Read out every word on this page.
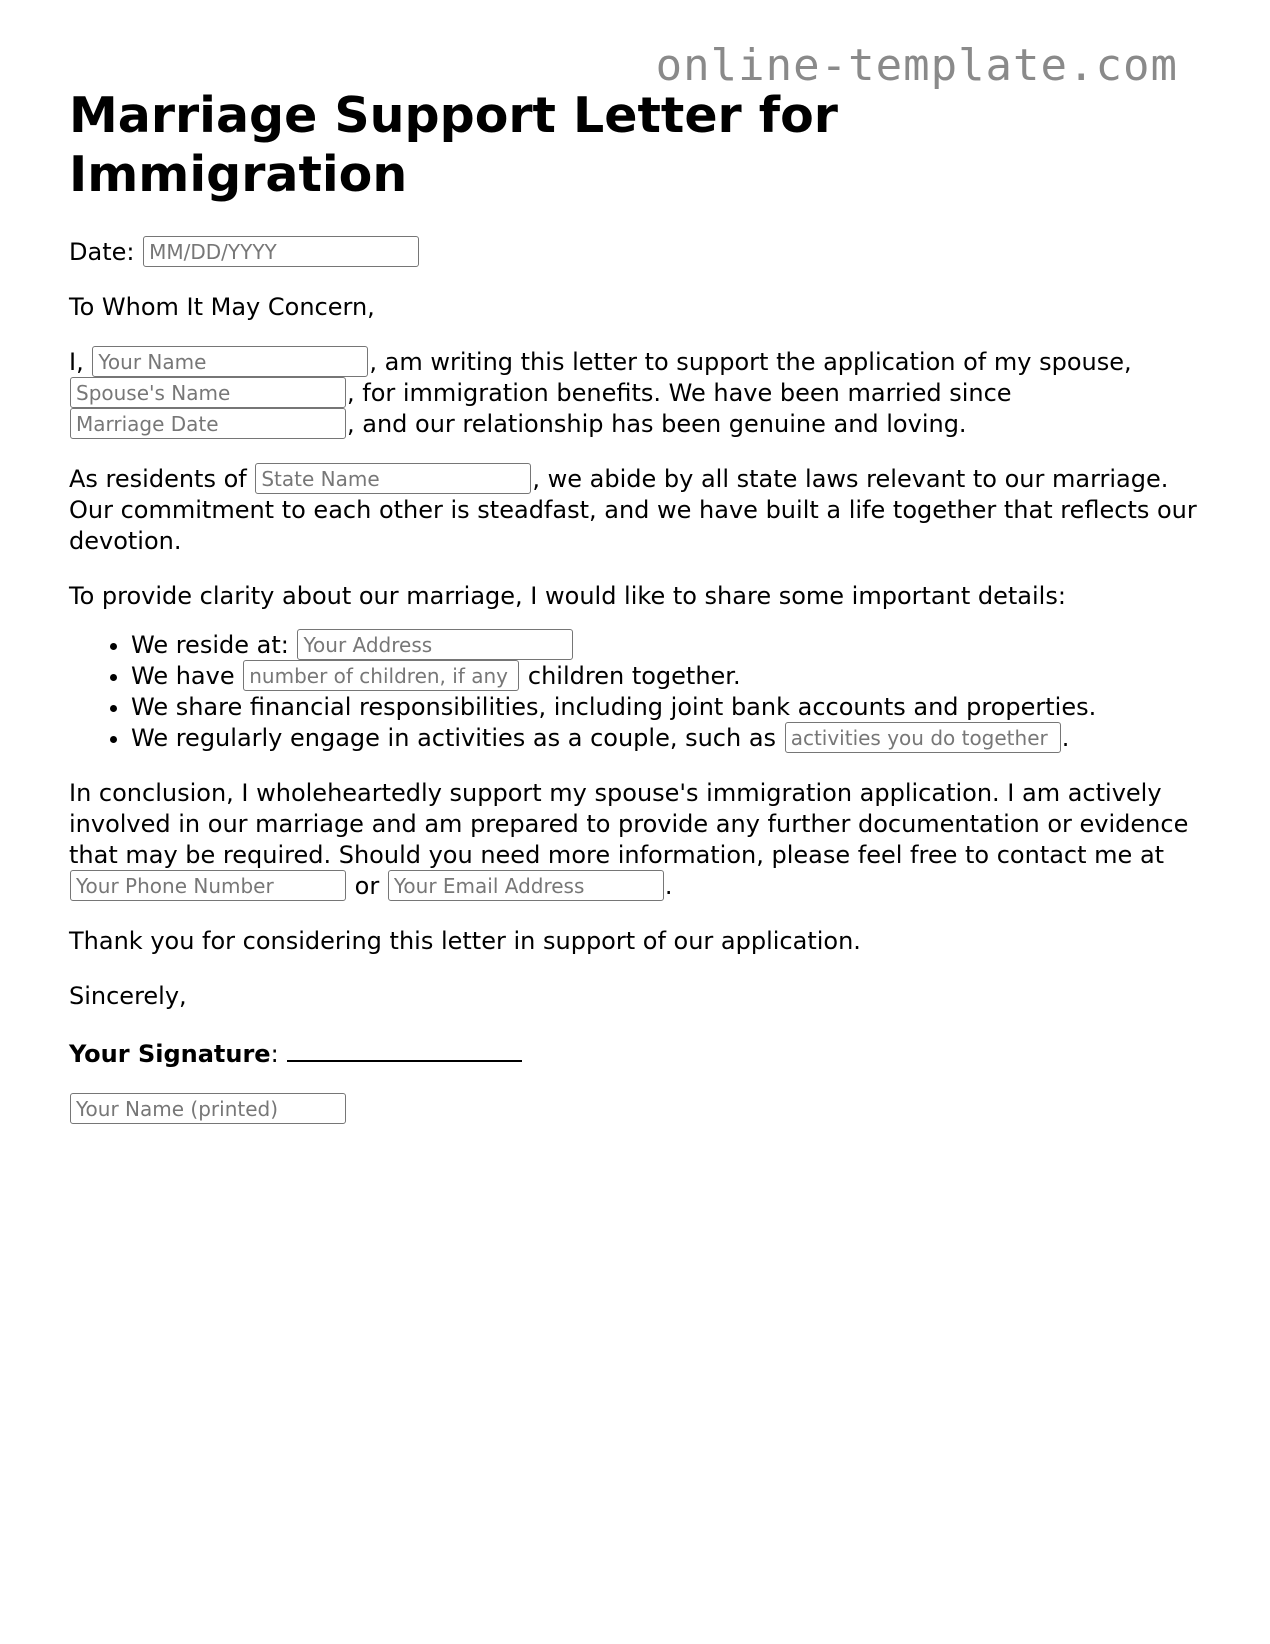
online-template.com
Marriage Support Letter for Immigration

Date: MM/DD/YYYY

To Whom It May Concern,

I, Your Name	, am writing this letter to support the application of my spouse, Spouse's Name, for immigration benefits. We have been married since Marriage Date, and our relationship has been genuine and loving.

As residents of State Name	, we abide by all state laws relevant to our marriage. Our commitment to each other is steadfast, and we have built a life together that reflects our devotion.

To provide clarity about our marriage, I would like to share some important details:

• We reside at: Your Address
• We have number of children, if any	children together.
• We share financial responsibilities, including joint bank accounts and properties.
• We regularly engage in activities as a couple, such as activities you do together	.

In conclusion, I wholeheartedly support my spouse's immigration application. I am actively involved in our marriage and am prepared to provide any further documentation or evidence that may be required. Should you need more information, please feel free to contact me at Your Phone Number or Your Email Address	.

Thank you for considering this letter in support of our application.

Sincerely,

Your Signature:

Your Name (printed)
